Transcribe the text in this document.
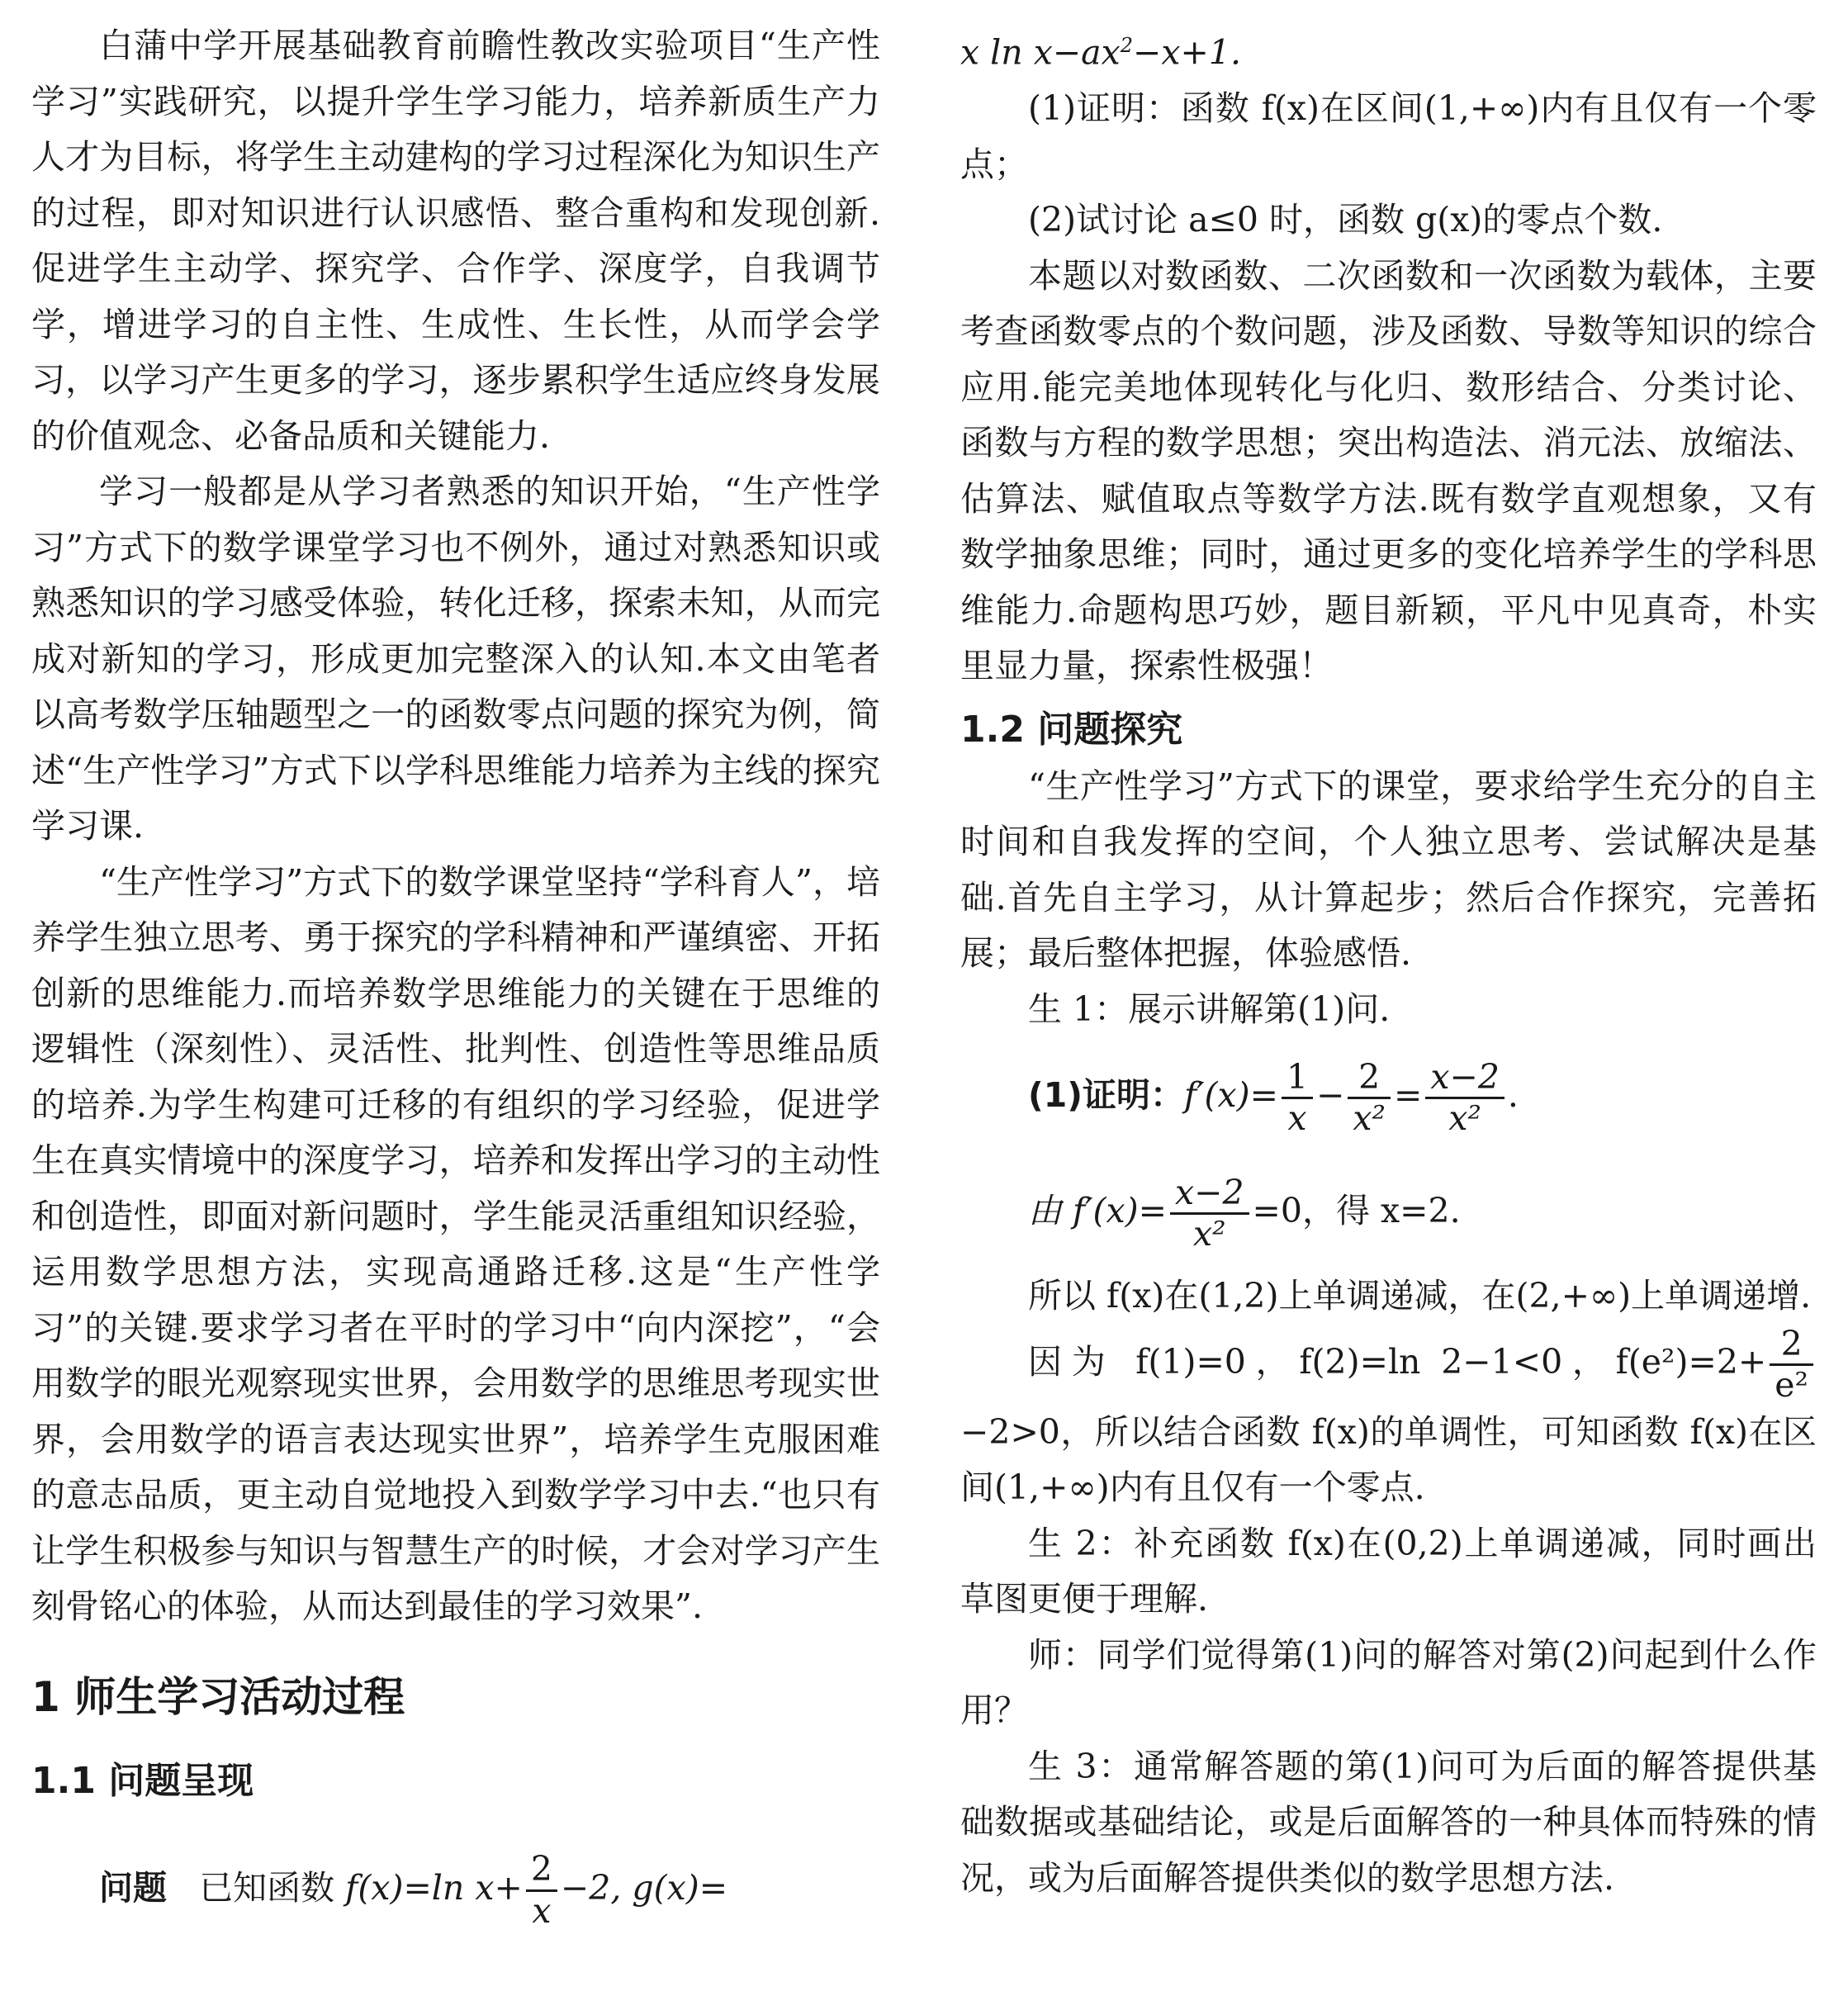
白蒲中学开展基础教育前瞻性教改实验项目“生产性学习”实践研究，以提升学生学习能力，培养新质生产力人才为目标，将学生主动建构的学习过程深化为知识生产的过程，即对知识进行认识感悟、整合重构和发现创新.促进学生主动学、探究学、合作学、深度学，自我调节学，增进学习的自主性、生成性、生长性，从而学会学习，以学习产生更多的学习，逐步累积学生适应终身发展的价值观念、必备品质和关键能力.

学习一般都是从学习者熟悉的知识开始，“生产性学习”方式下的数学课堂学习也不例外，通过对熟悉知识或熟悉知识的学习感受体验，转化迁移，探索未知，从而完成对新知的学习，形成更加完整深入的认知.本文由笔者以高考数学压轴题型之一的函数零点问题的探究为例，简述“生产性学习”方式下以学科思维能力培养为主线的探究学习课.

“生产性学习”方式下的数学课堂坚持“学科育人”，培养学生独立思考、勇于探究的学科精神和严谨缜密、开拓创新的思维能力.而培养数学思维能力的关键在于思维的逻辑性（深刻性）、灵活性、批判性、创造性等思维品质的培养.为学生构建可迁移的有组织的学习经验，促进学生在真实情境中的深度学习，培养和发挥出学习的主动性和创造性，即面对新问题时，学生能灵活重组知识经验，运用数学思想方法，实现高通路迁移.这是“生产性学习”的关键.要求学习者在平时的学习中“向内深挖”，“会用数学的眼光观察现实世界，会用数学的思维思考现实世界，会用数学的语言表达现实世界”，培养学生克服困难的意志品质，更主动自觉地投入到数学学习中去.“也只有让学生积极参与知识与智慧生产的时候，才会对学习产生刻骨铭心的体验，从而达到最佳的学习效果”.

1 师生学习活动过程
1.1 问题呈现

问题 已知函数 f(x)=ln $x+ \frac{2}{x} -2$, g(x)=

x $\ln x-ax^2-x+1$.

(1)证明：函数 f(x)在区间(1,+∞)内有且仅有一个零点；

(2)试讨论 a≤0 时，函数 g(x)的零点个数.

本题以对数函数、二次函数和一次函数为载体，主要考查函数零点的个数问题，涉及函数、导数等知识的综合应用.能完美地体现转化与化归、数形结合、分类讨论、函数与方程的数学思想；突出构造法、消元法、放缩法、估算法、赋值取点等数学方法.既有数学直观想象，又有数学抽象思维；同时，通过更多的变化培养学生的学科思维能力.命题构思巧妙，题目新颖，平凡中见真奇，朴实里显力量，探索性极强！

1.2 问题探究

“生产性学习”方式下的课堂，要求给学生充分的自主时间和自我发挥的空间，个人独立思考、尝试解决是基础.首先自主学习，从计算起步；然后合作探究，完善拓展；最后整体把握，体验感悟.

生 1：展示讲解第(1)问.

(1)证明：$f'(x)= \frac{1}{x} - \frac{2}{\text{x²}} = \frac{x-2}{\text{x²}}$ .

由 $f'(x)= \frac{x-2}{\text{x²}} =0$，得 x=2.

所以 f(x)在(1,2)上单调递减，在(2,+∞)上单调递增.

因为 f(1)=0，f(2)=ln 2−1<0，$f(e^2)=2+ \frac{2}{\text{e²}}$
−2>0，所以结合函数 f(x)的单调性，可知函数 f(x)在区间(1,+∞)内有且仅有一个零点.

生 2：补充函数 f(x)在(0,2)上单调递减，同时画出草图更便于理解.

师：同学们觉得第(1)问的解答对第(2)问起到什么作用？

生 3：通常解答题的第(1)问可为后面的解答提供基础数据或基础结论，或是后面解答的一种具体而特殊的情况，或为后面解答提供类似的数学思想方法.
